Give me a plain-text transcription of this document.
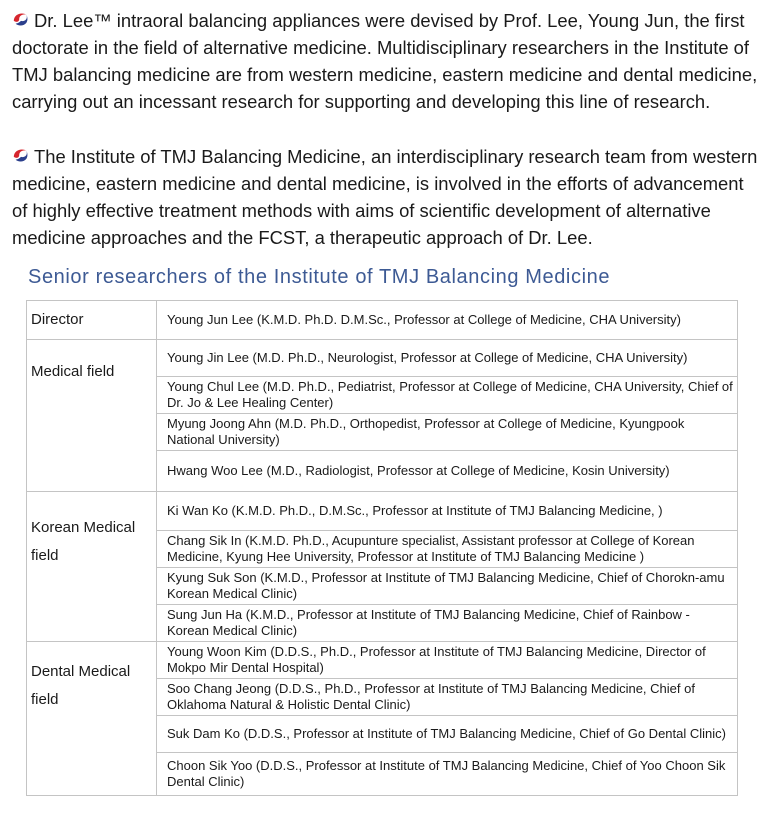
Dr. Lee™ intraoral balancing appliances were devised by Prof. Lee, Young Jun, the first doctorate in the field of alternative medicine. Multidisciplinary researchers in the Institute of TMJ balancing medicine are from western medicine, eastern medicine and dental medicine, carrying out an incessant research for supporting and developing this line of research.
The Institute of TMJ Balancing Medicine, an interdisciplinary research team from western medicine, eastern medicine and dental medicine, is involved in the efforts of advancement of highly effective treatment methods with aims of scientific development of alternative medicine approaches and the FCST, a therapeutic approach of Dr. Lee.
Senior researchers of the Institute of TMJ Balancing Medicine
Director	Young Jun Lee (K.M.D. Ph.D. D.M.Sc., Professor at College of Medicine, CHA University)
Medical field	Young Jin Lee (M.D. Ph.D., Neurologist, Professor at College of Medicine, CHA University)
	Young Chul Lee (M.D. Ph.D., Pediatrist, Professor at College of Medicine, CHA University, Chief of Dr. Jo & Lee Healing Center)
	Myung Joong Ahn (M.D. Ph.D., Orthopedist, Professor at College of Medicine, Kyungpook National University)
	Hwang Woo Lee (M.D., Radiologist, Professor at College of Medicine, Kosin University)
Korean Medical
field	Ki Wan Ko (K.M.D. Ph.D., D.M.Sc., Professor at Institute of TMJ Balancing Medicine, )
	Chang Sik In (K.M.D. Ph.D., Acupunture specialist, Assistant professor at College of Korean Medicine, Kyung Hee University, Professor at Institute of TMJ Balancing Medicine )
	Kyung Suk Son (K.M.D., Professor at Institute of TMJ Balancing Medicine, Chief of Chorokn-amu Korean Medical Clinic)
	Sung Jun Ha (K.M.D., Professor at Institute of TMJ Balancing Medicine, Chief of Rainbow - Korean Medical Clinic)
Dental Medical
field	Young Woon Kim (D.D.S., Ph.D., Professor at Institute of TMJ Balancing Medicine, Director of Mokpo Mir Dental Hospital)
	Soo Chang Jeong (D.D.S., Ph.D., Professor at Institute of TMJ Balancing Medicine, Chief of Oklahoma Natural & Holistic Dental Clinic)
	Suk Dam Ko (D.D.S., Professor at Institute of TMJ Balancing Medicine, Chief of Go Dental Clinic)
	Choon Sik Yoo (D.D.S., Professor at Institute of TMJ Balancing Medicine, Chief of Yoo Choon Sik Dental Clinic)
